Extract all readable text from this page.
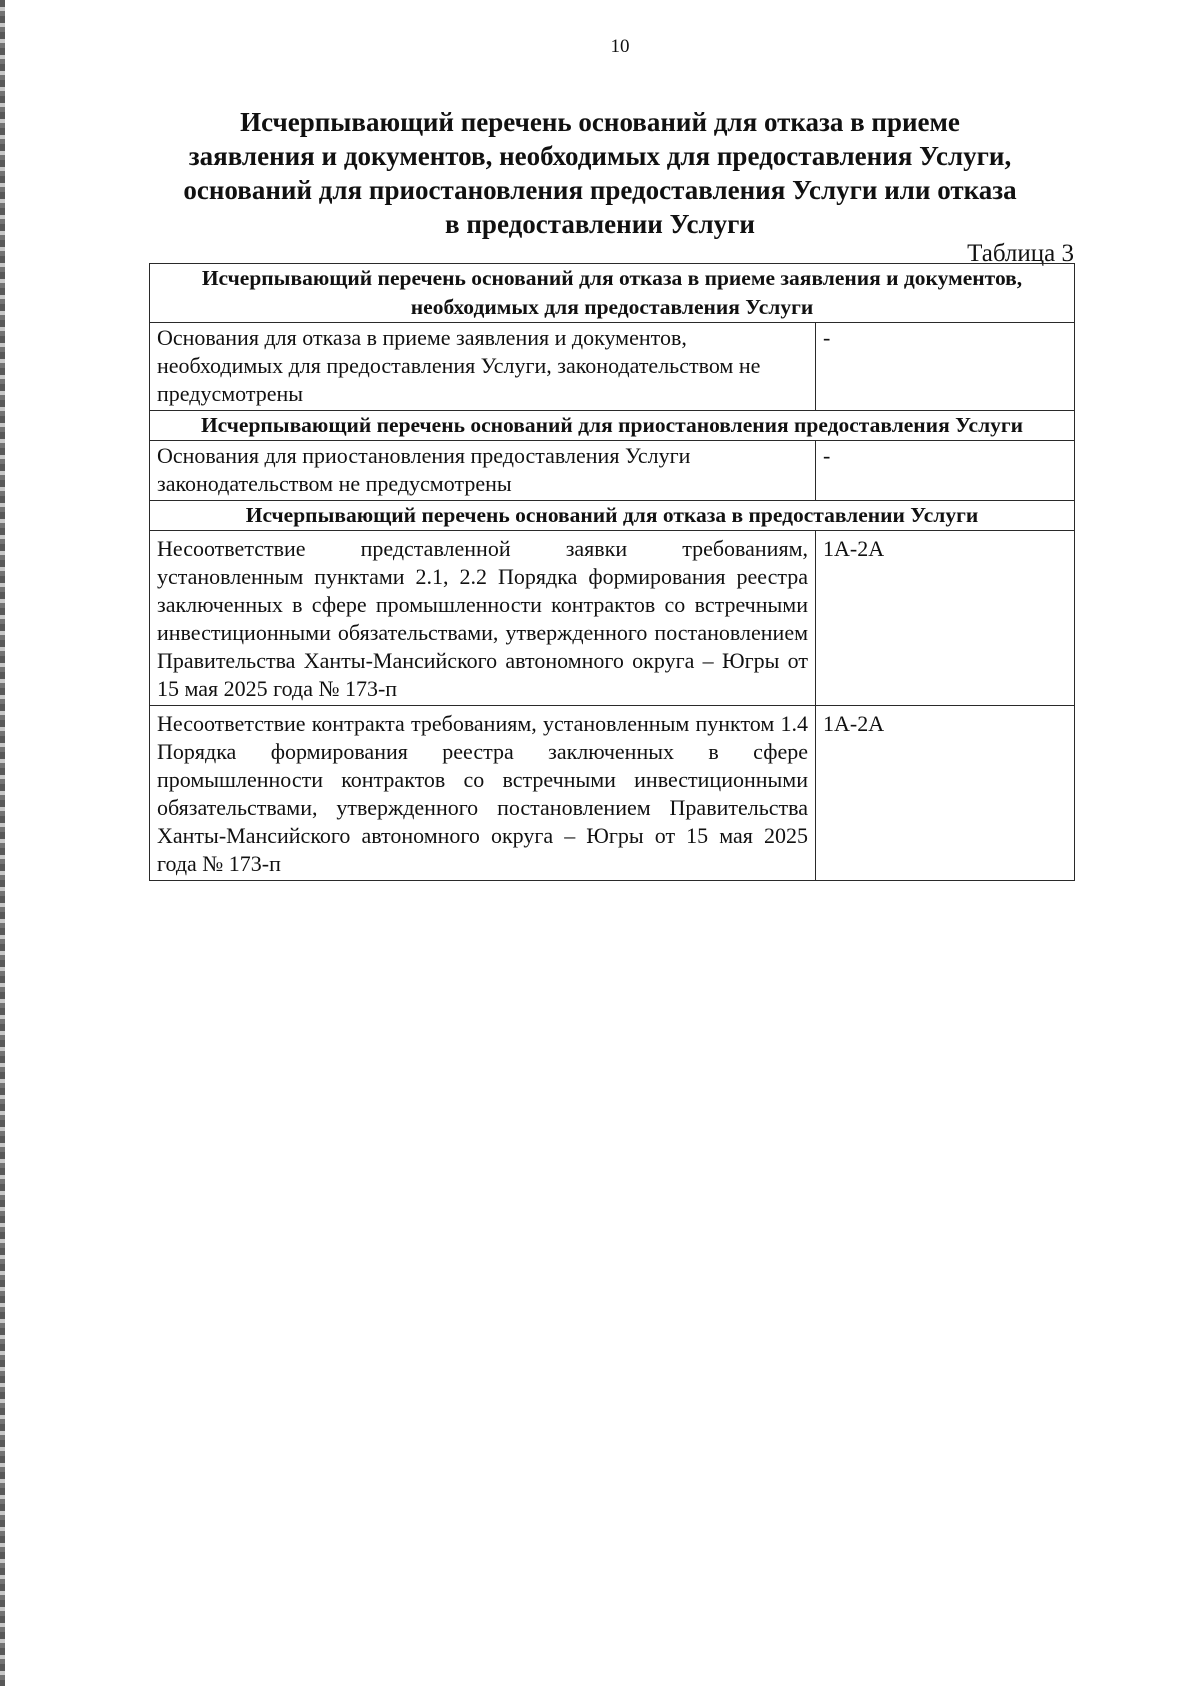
10
Исчерпывающий перечень оснований для отказа в приеме
заявления и документов, необходимых для предоставления Услуги,
оснований для приостановления предоставления Услуги или отказа
в предоставлении Услуги
Таблица 3
Исчерпывающий перечень оснований для отказа в приеме заявления и документов, необходимых для предоставления Услуги	
Основания для отказа в приеме заявления и документов, необходимых для предоставления Услуги, законодательством не предусмотрены	-
Исчерпывающий перечень оснований для приостановления предоставления Услуги	
Основания для приостановления предоставления Услуги законодательством не предусмотрены	-
Исчерпывающий перечень оснований для отказа в предоставлении Услуги	
Несоответствие представленной заявки требованиям, установленным пунктами 2.1, 2.2 Порядка формирования реестра заключенных в сфере промышленности контрактов со встречными инвестиционными обязательствами, утвержденного постановлением Правительства Ханты-Мансийского автономного округа – Югры от 15 мая 2025 года № 173-п	1А-2А
Несоответствие контракта требованиям, установленным пунктом 1.4 Порядка формирования реестра заключенных в сфере промышленности контрактов со встречными инвестиционными обязательствами, утвержденного постановлением Правительства Ханты-Мансийского автономного округа – Югры от 15 мая 2025 года № 173-п	1А-2А
